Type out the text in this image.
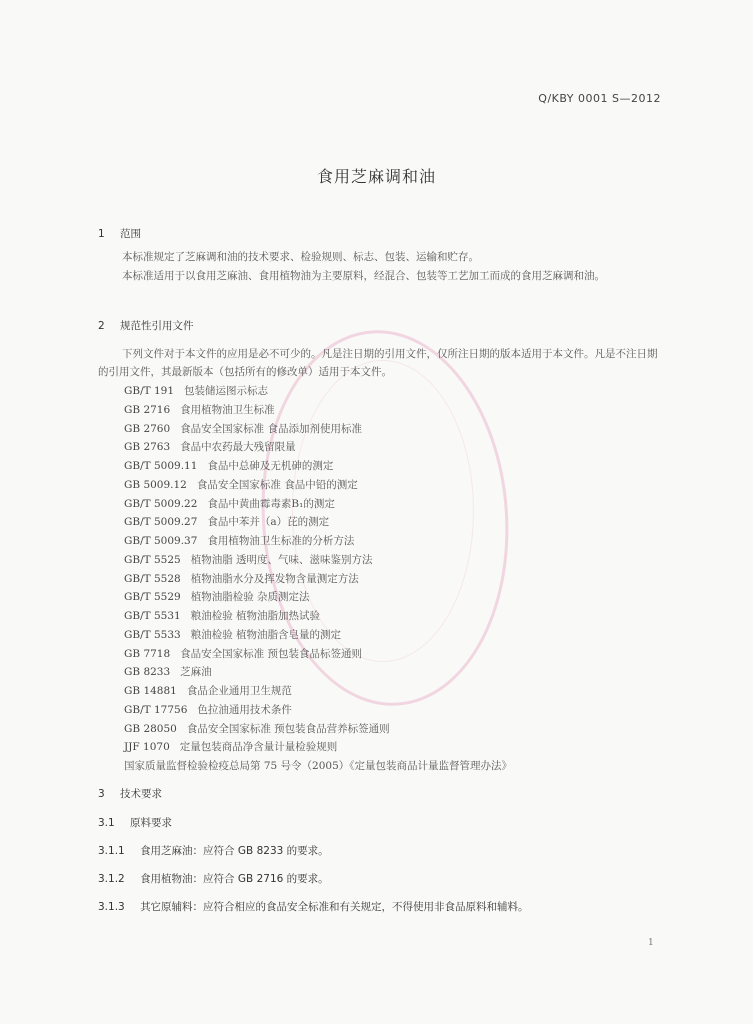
Q/KBY 0001 S—2012
食用芝麻调和油
1 范围
本标准规定了芝麻调和油的技术要求、检验规则、标志、包装、运输和贮存。
本标准适用于以食用芝麻油、食用植物油为主要原料，经混合、包装等工艺加工而成的食用芝麻调和油。
2 规范性引用文件
下列文件对于本文件的应用是必不可少的。凡是注日期的引用文件，仅所注日期的版本适用于本文件。凡是不注日期的引用文件，其最新版本（包括所有的修改单）适用于本文件。
GB/T 191 包装储运图示标志
GB 2716 食用植物油卫生标准
GB 2760 食品安全国家标准 食品添加剂使用标准
GB 2763 食品中农药最大残留限量
GB/T 5009.11 食品中总砷及无机砷的测定
GB 5009.12 食品安全国家标准 食品中铅的测定
GB/T 5009.22 食品中黄曲霉毒素B₁的测定
GB/T 5009.27 食品中苯并（a）芘的测定
GB/T 5009.37 食用植物油卫生标准的分析方法
GB/T 5525 植物油脂 透明度、气味、滋味鉴别方法
GB/T 5528 植物油脂水分及挥发物含量测定方法
GB/T 5529 植物油脂检验 杂质测定法
GB/T 5531 粮油检验 植物油脂加热试验
GB/T 5533 粮油检验 植物油脂含皂量的测定
GB 7718 食品安全国家标准 预包装食品标签通则
GB 8233 芝麻油
GB 14881 食品企业通用卫生规范
GB/T 17756 色拉油通用技术条件
GB 28050 食品安全国家标准 预包装食品营养标签通则
JJF 1070 定量包装商品净含量计量检验规则
国家质量监督检验检疫总局第 75 号令（2005）《定量包装商品计量监督管理办法》
3 技术要求
3.1 原料要求
3.1.1 食用芝麻油：应符合 GB 8233 的要求。
3.1.2 食用植物油：应符合 GB 2716 的要求。
3.1.3 其它原辅料：应符合相应的食品安全标准和有关规定，不得使用非食品原料和辅料。
1
